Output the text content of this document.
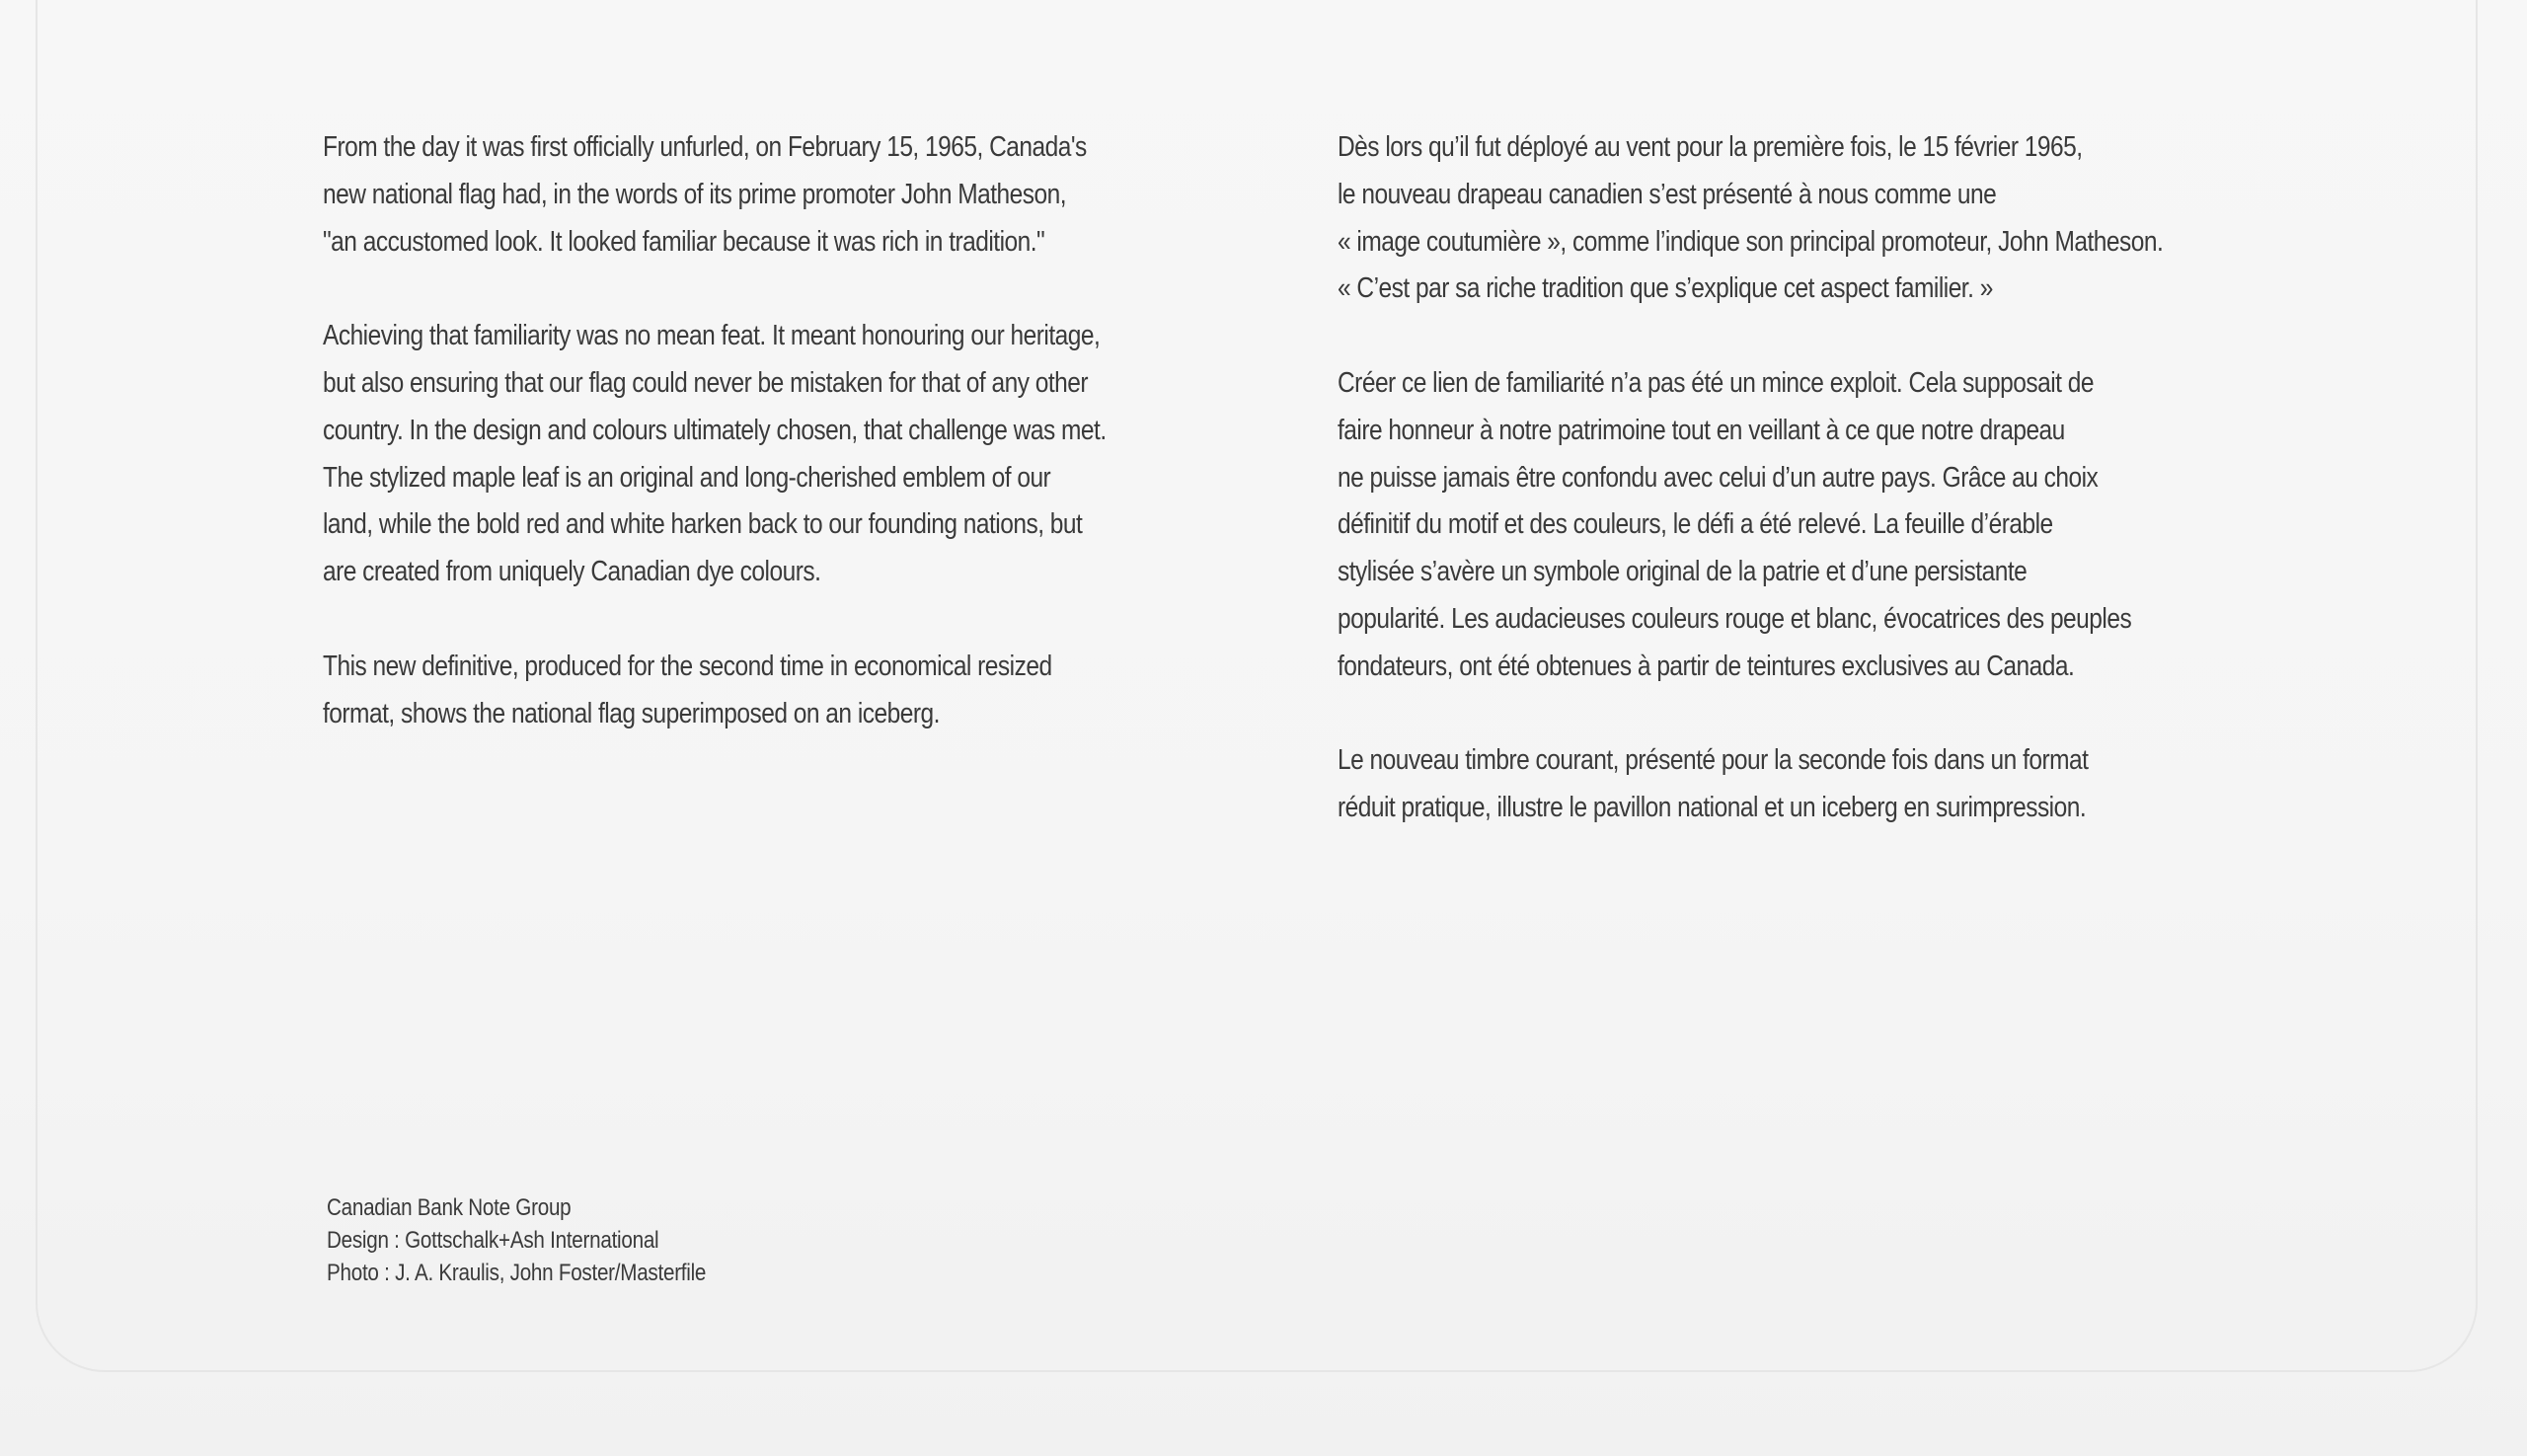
From the day it was first officially unfurled, on February 15, 1965, Canada's
new national flag had, in the words of its prime promoter John Matheson,
"an accustomed look. It looked familiar because it was rich in tradition."

Achieving that familiarity was no mean feat. It meant honouring our heritage,
but also ensuring that our flag could never be mistaken for that of any other
country. In the design and colours ultimately chosen, that challenge was met.
The stylized maple leaf is an original and long-cherished emblem of our
land, while the bold red and white harken back to our founding nations, but
are created from uniquely Canadian dye colours.

This new definitive, produced for the second time in economical resized
format, shows the national flag superimposed on an iceberg.

Dès lors qu’il fut déployé au vent pour la première fois, le 15 février 1965,
le nouveau drapeau canadien s’est présenté à nous comme une
« image coutumière », comme l’indique son principal promoteur, John Matheson.
« C’est par sa riche tradition que s’explique cet aspect familier. »

Créer ce lien de familiarité n’a pas été un mince exploit. Cela supposait de
faire honneur à notre patrimoine tout en veillant à ce que notre drapeau
ne puisse jamais être confondu avec celui d’un autre pays. Grâce au choix
définitif du motif et des couleurs, le défi a été relevé. La feuille d’érable
stylisée s’avère un symbole original de la patrie et d’une persistante
popularité. Les audacieuses couleurs rouge et blanc, évocatrices des peuples
fondateurs, ont été obtenues à partir de teintures exclusives au Canada.

Le nouveau timbre courant, présenté pour la seconde fois dans un format
réduit pratique, illustre le pavillon national et un iceberg en surimpression.

Canadian Bank Note Group
Design : Gottschalk+Ash International
Photo : J. A. Kraulis, John Foster/Masterfile
